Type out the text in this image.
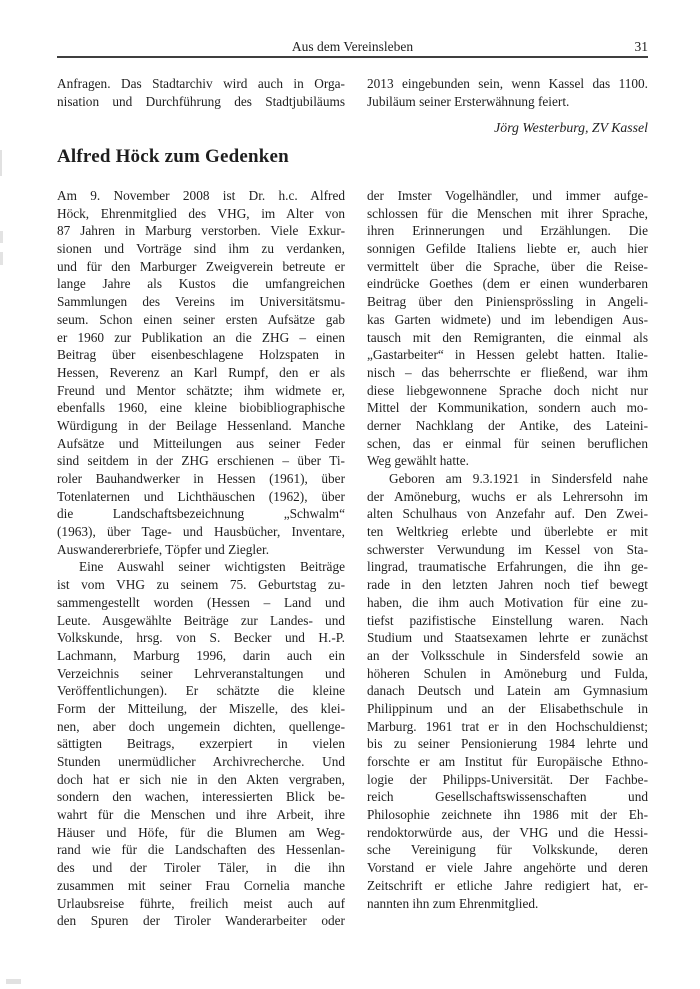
Aus dem Vereinsleben	31
Anfragen. Das Stadtarchiv wird auch in Orga-
nisation und Durchführung des Stadtjubiläums
2013 eingebunden sein, wenn Kassel das 1100.
Jubiläum seiner Ersterwähnung feiert.
Jörg Westerburg, ZV Kassel
Alfred Höck zum Gedenken
Am 9. November 2008 ist Dr. h.c. Alfred
Höck, Ehrenmitglied des VHG, im Alter von
87 Jahren in Marburg verstorben. Viele Exkur-
sionen und Vorträge sind ihm zu verdanken,
und für den Marburger Zweigverein betreute er
lange Jahre als Kustos die umfangreichen
Sammlungen des Vereins im Universitätsmu-
seum. Schon einen seiner ersten Aufsätze gab
er 1960 zur Publikation an die ZHG – einen
Beitrag über eisenbeschlagene Holzspaten in
Hessen, Reverenz an Karl Rumpf, den er als
Freund und Mentor schätzte; ihm widmete er,
ebenfalls 1960, eine kleine biobibliographische
Würdigung in der Beilage Hessenland. Manche
Aufsätze und Mitteilungen aus seiner Feder
sind seitdem in der ZHG erschienen – über Ti-
roler Bauhandwerker in Hessen (1961), über
Totenlaternen und Lichthäuschen (1962), über
die Landschaftsbezeichnung „Schwalm“
(1963), über Tage- und Hausbücher, Inventare,
Auswandererbriefe, Töpfer und Ziegler.
Eine Auswahl seiner wichtigsten Beiträge
ist vom VHG zu seinem 75. Geburtstag zu-
sammengestellt worden (Hessen – Land und
Leute. Ausgewählte Beiträge zur Landes- und
Volkskunde, hrsg. von S. Becker und H.-P.
Lachmann, Marburg 1996, darin auch ein
Verzeichnis seiner Lehrveranstaltungen und
Veröffentlichungen). Er schätzte die kleine
Form der Mitteilung, der Miszelle, des klei-
nen, aber doch ungemein dichten, quellenge-
sättigten Beitrags, exzerpiert in vielen
Stunden unermüdlicher Archivrecherche. Und
doch hat er sich nie in den Akten vergraben,
sondern den wachen, interessierten Blick be-
wahrt für die Menschen und ihre Arbeit, ihre
Häuser und Höfe, für die Blumen am Weg-
rand wie für die Landschaften des Hessenlan-
des und der Tiroler Täler, in die ihn
zusammen mit seiner Frau Cornelia manche
Urlaubsreise führte, freilich meist auch auf
den Spuren der Tiroler Wanderarbeiter oder
der Imster Vogelhändler, und immer aufge-
schlossen für die Menschen mit ihrer Sprache,
ihren Erinnerungen und Erzählungen. Die
sonnigen Gefilde Italiens liebte er, auch hier
vermittelt über die Sprache, über die Reise-
eindrücke Goethes (dem er einen wunderbaren
Beitrag über den Piniensprössling in Angeli-
kas Garten widmete) und im lebendigen Aus-
tausch mit den Remigranten, die einmal als
„Gastarbeiter“ in Hessen gelebt hatten. Italie-
nisch – das beherrschte er fließend, war ihm
diese liebgewonnene Sprache doch nicht nur
Mittel der Kommunikation, sondern auch mo-
derner Nachklang der Antike, des Lateini-
schen, das er einmal für seinen beruflichen
Weg gewählt hatte.
Geboren am 9.3.1921 in Sindersfeld nahe
der Amöneburg, wuchs er als Lehrersohn im
alten Schulhaus von Anzefahr auf. Den Zwei-
ten Weltkrieg erlebte und überlebte er mit
schwerster Verwundung im Kessel von Sta-
lingrad, traumatische Erfahrungen, die ihn ge-
rade in den letzten Jahren noch tief bewegt
haben, die ihm auch Motivation für eine zu-
tiefst pazifistische Einstellung waren. Nach
Studium und Staatsexamen lehrte er zunächst
an der Volksschule in Sindersfeld sowie an
höheren Schulen in Amöneburg und Fulda,
danach Deutsch und Latein am Gymnasium
Philippinum und an der Elisabethschule in
Marburg. 1961 trat er in den Hochschuldienst;
bis zu seiner Pensionierung 1984 lehrte und
forschte er am Institut für Europäische Ethno-
logie der Philipps-Universität. Der Fachbe-
reich Gesellschaftswissenschaften und
Philosophie zeichnete ihn 1986 mit der Eh-
rendoktorwürde aus, der VHG und die Hessi-
sche Vereinigung für Volkskunde, deren
Vorstand er viele Jahre angehörte und deren
Zeitschrift er etliche Jahre redigiert hat, er-
nannten ihn zum Ehrenmitglied.
